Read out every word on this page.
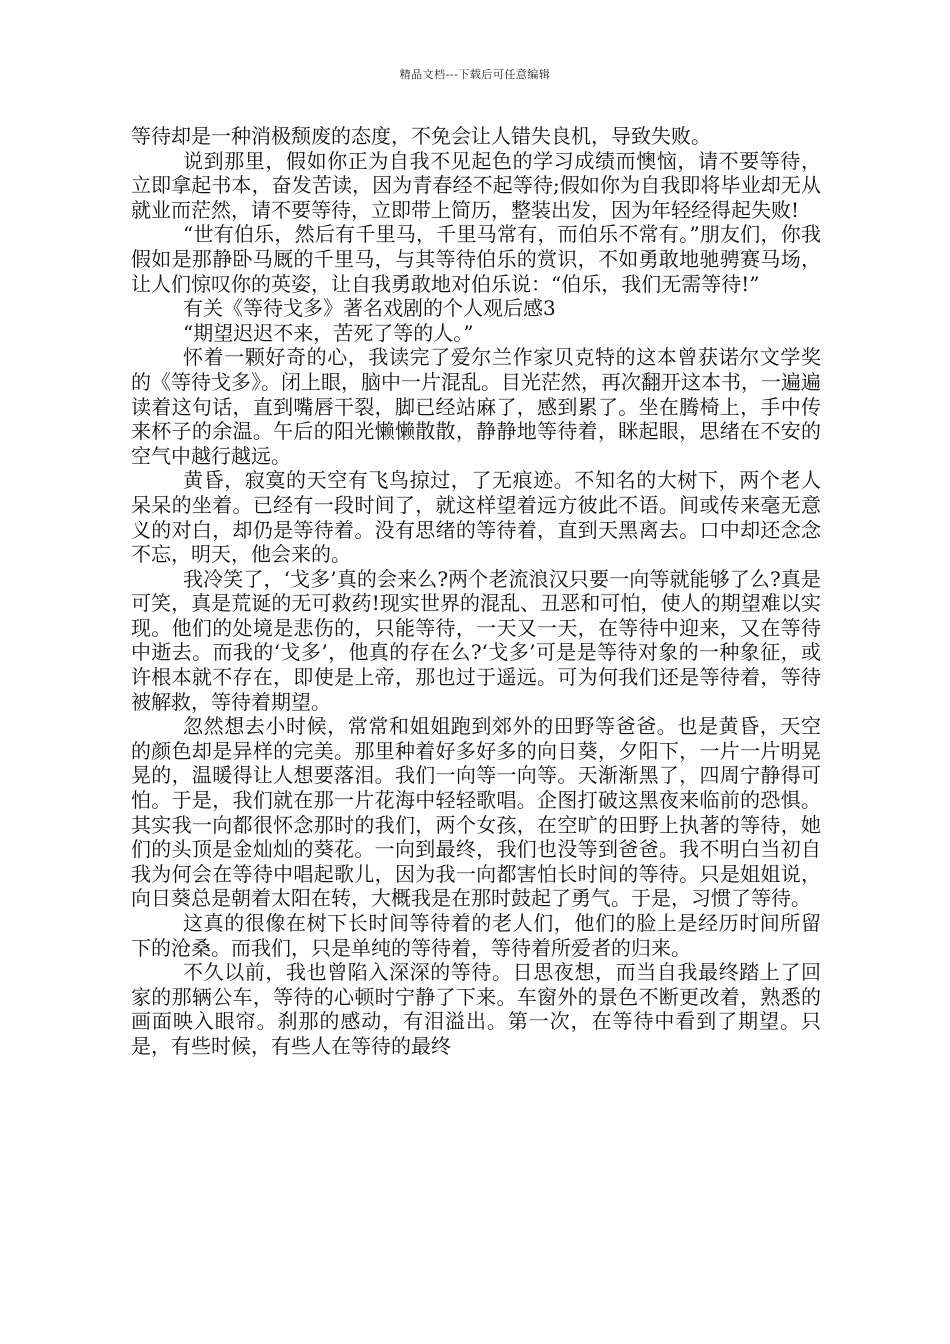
精品文档---下载后可任意编辑

等待却是一种消极颓废的态度，不免会让人错失良机，导致失败。

说到那里，假如你正为自我不见起色的学习成绩而懊恼，请不要等待，立即拿起书本，奋发苦读，因为青春经不起等待;假如你为自我即将毕业却无从就业而茫然，请不要等待，立即带上简历，整装出发，因为年轻经得起失败!

“世有伯乐，然后有千里马，千里马常有，而伯乐不常有。”朋友们，你我假如是那静卧马厩的千里马，与其等待伯乐的赏识，不如勇敢地驰骋赛马场，让人们惊叹你的英姿，让自我勇敢地对伯乐说：“伯乐，我们无需等待!”

有关《等待戈多》著名戏剧的个人观后感3

“期望迟迟不来，苦死了等的人。”

怀着一颗好奇的心，我读完了爱尔兰作家贝克特的这本曾获诺尔文学奖的《等待戈多》。闭上眼，脑中一片混乱。目光茫然，再次翻开这本书，一遍遍读着这句话，直到嘴唇干裂，脚已经站麻了，感到累了。坐在腾椅上，手中传来杯子的余温。午后的阳光懒懒散散，静静地等待着，眯起眼，思绪在不安的空气中越行越远。

黄昏，寂寞的天空有飞鸟掠过，了无痕迹。不知名的大树下，两个老人呆呆的坐着。已经有一段时间了，就这样望着远方彼此不语。间或传来毫无意义的对白，却仍是等待着。没有思绪的等待着，直到天黑离去。口中却还念念不忘，明天，他会来的。

我冷笑了，‘戈多’真的会来么?两个老流浪汉只要一向等就能够了么?真是可笑，真是荒诞的无可救药!现实世界的混乱、丑恶和可怕，使人的期望难以实现。他们的处境是悲伤的，只能等待，一天又一天，在等待中迎来，又在等待中逝去。而我的‘戈多’，他真的存在么?‘戈多’可是是等待对象的一种象征，或许根本就不存在，即使是上帝，那也过于遥远。可为何我们还是等待着，等待被解救，等待着期望。

忽然想去小时候，常常和姐姐跑到郊外的田野等爸爸。也是黄昏，天空的颜色却是异样的完美。那里种着好多好多的向日葵，夕阳下，一片一片明晃晃的，温暖得让人想要落泪。我们一向等一向等。天渐渐黑了，四周宁静得可怕。于是，我们就在那一片花海中轻轻歌唱。企图打破这黑夜来临前的恐惧。其实我一向都很怀念那时的我们，两个女孩，在空旷的田野上执著的等待，她们的头顶是金灿灿的葵花。一向到最终，我们也没等到爸爸。我不明白当初自我为何会在等待中唱起歌儿，因为我一向都害怕长时间的等待。只是姐姐说，向日葵总是朝着太阳在转，大概我是在那时鼓起了勇气。于是，习惯了等待。

这真的很像在树下长时间等待着的老人们，他们的脸上是经历时间所留下的沧桑。而我们，只是单纯的等待着，等待着所爱者的归来。

不久以前，我也曾陷入深深的等待。日思夜想，而当自我最终踏上了回家的那辆公车，等待的心顿时宁静了下来。车窗外的景色不断更改着，熟悉的画面映入眼帘。刹那的感动，有泪溢出。第一次，在等待中看到了期望。只是，有些时候，有些人在等待的最终
